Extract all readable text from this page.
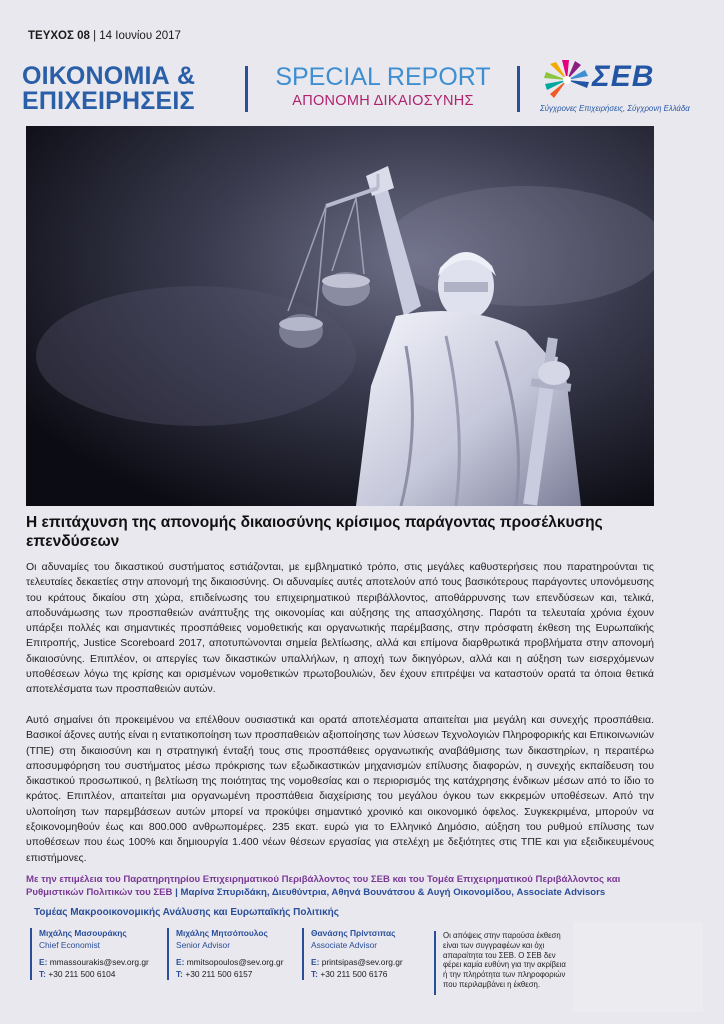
ΤΕΥΧΟΣ 08 | 14 Ιουνίου 2017
ΟΙΚΟΝΟΜΙΑ &
ΕΠΙΧΕΙΡΗΣΕΙΣ
SPECIAL REPORT
ΑΠΟΝΟΜΗ ΔΙΚΑΙΟΣΥΝΗΣ
ΣΕΒ
Σύγχρονες Επιχειρήσεις, Σύγχρονη Ελλάδα
Η επιτάχυνση της απονομής δικαιοσύνης κρίσιμος παράγοντας προσέλκυσης επενδύσεων
Οι αδυναμίες του δικαστικού συστήματος εστιάζονται, με εμβληματικό τρόπο, στις μεγάλες καθυστερήσεις που παρατηρούνται τις τελευταίες δεκαετίες στην απονομή της δικαιοσύνης. Οι αδυναμίες αυτές αποτελούν από τους βασικότερους παράγοντες υπονόμευσης του κράτους δικαίου στη χώρα, επιδείνωσης του επιχειρηματικού περιβάλλοντος, αποθάρρυνσης των επενδύσεων και, τελικά, αποδυνάμωσης των προσπαθειών ανάπτυξης της οικονομίας και αύξησης της απασχόλησης. Παρότι τα τελευταία χρόνια έχουν υπάρξει πολλές και σημαντικές προσπάθειες νομοθετικής και οργανωτικής παρέμβασης, στην πρόσφατη έκθεση της Ευρωπαϊκής Επιτροπής, Justice Scoreboard 2017, αποτυπώνονται σημεία βελτίωσης, αλλά και επίμονα διαρθρωτικά προβλήματα στην απονομή δικαιοσύνης. Επιπλέον, οι απεργίες των δικαστικών υπαλλήλων, η αποχή των δικηγόρων, αλλά και η αύξηση των εισερχόμενων υποθέσεων λόγω της κρίσης και ορισμένων νομοθετικών πρωτοβουλιών, δεν έχουν επιτρέψει να καταστούν ορατά τα όποια θετικά αποτελέσματα των προσπαθειών αυτών.
Αυτό σημαίνει ότι προκειμένου να επέλθουν ουσιαστικά και ορατά αποτελέσματα απαιτείται μια μεγάλη και συνεχής προσπάθεια. Βασικοί άξονες αυτής είναι η εντατικοποίηση των προσπαθειών αξιοποίησης των λύσεων Τεχνολογιών Πληροφορικής και Επικοινωνιών (ΤΠΕ) στη δικαιοσύνη και η στρατηγική ένταξή τους στις προσπάθειες οργανωτικής αναβάθμισης των δικαστηρίων, η περαιτέρω αποσυμφόρηση του συστήματος μέσω πρόκρισης των εξωδικαστικών μηχανισμών επίλυσης διαφορών, η συνεχής εκπαίδευση του δικαστικού προσωπικού, η βελτίωση της ποιότητας της νομοθεσίας και ο περιορισμός της κατάχρησης ένδικων μέσων από το ίδιο το κράτος. Επιπλέον, απαιτείται μια οργανωμένη προσπάθεια διαχείρισης του μεγάλου όγκου των εκκρεμών υποθέσεων. Από την υλοποίηση των παρεμβάσεων αυτών μπορεί να προκύψει σημαντικό χρονικό και οικονομικό όφελος. Συγκεκριμένα, μπορούν να εξοικονομηθούν έως και 800.000 ανθρωπομέρες. 235 εκατ. ευρώ για το Ελληνικό Δημόσιο, αύξηση του ρυθμού επίλυσης των υποθέσεων που έως 100% και δημιουργία 1.400 νέων θέσεων εργασίας για στελέχη με δεξιότητες στις ΤΠΕ και για εξειδικευμένους επιστήμονες.
Με την επιμέλεια του Παρατηρητηρίου Επιχειρηματικού Περιβάλλοντος του ΣΕΒ και του Τομέα Επιχειρηματικού Περιβάλλοντος και Ρυθμιστικών Πολιτικών του ΣΕΒ | Μαρίνα Σπυριδάκη, Διευθύντρια, Αθηνά Βουνάτσου & Αυγή Οικονομίδου, Associate Advisors
Τομέας Μακροοικονομικής Ανάλυσης και Ευρωπαϊκής Πολιτικής
Μιχάλης Μασουράκης
Chief Economist
E: mmassourakis@sev.org.gr
T: +30 211 500 6104
Μιχάλης Μητσόπουλος
Senior Advisor
E: mmitsopoulos@sev.org.gr
T: +30 211 500 6157
Θανάσης Πρίντσιπας
Associate Advisor
E: printsipas@sev.org.gr
T: +30 211 500 6176
Οι απόψεις στην παρούσα έκθεση είναι των συγγραφέων και όχι απαραίτητα του ΣΕΒ. Ο ΣΕΒ δεν φέρει καμία ευθύνη για την ακρίβεια ή την πληρότητα των πληροφοριών που περιλαμβάνει η έκθεση.
